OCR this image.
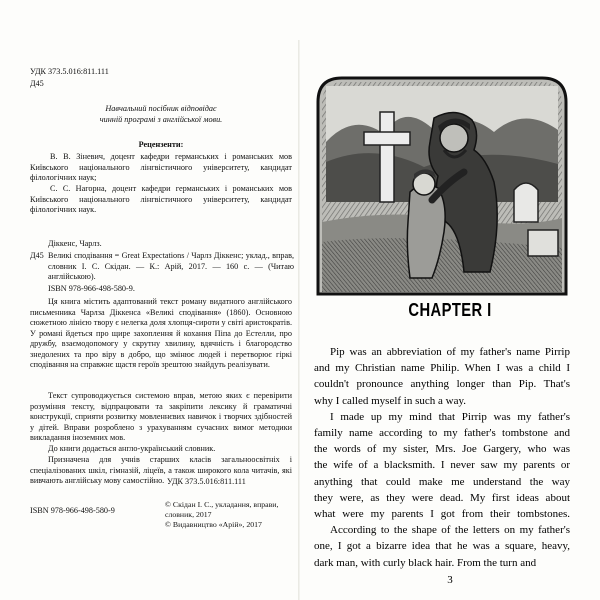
УДК 373.5.016:811.111
Д45
Навчальний посібник відповідає
чинній програмі з англійської мови.
Рецензенти:
В. В. Зіневич, доцент кафедри германських і романських мов Київського національного лінгвістичного університету, кандидат філологічних наук;
С. С. Нагорна, доцент кафедри германських і романських мов Київського національного лінгвістичного університету, кандидат філологічних наук.
Діккенс, Чарлз.
Д45 Великі сподівання = Great Expectations / Чарлз Діккенс; уклад., вправ, словник І. С. Скідан. — К.: Арій, 2017. — 160 с. — (Читаю англійською).
ISBN 978-966-498-580-9.
Ця книга містить адаптований текст роману видатного англійського письменника Чарлза Діккенса «Великі сподівання» (1860). Основною сюжетною лінією твору є нелегка доля хлопця-сироти у світі аристократів. У романі йдеться про щире захоплення й кохання Піпа до Естелли, про дружбу, взаємодопомогу у скрутну хвилину, вдячність і благородство знедолених та про віру в добро, що змінює людей і перетворює гіркі сподівання на справжнє щастя героїв зрештою знайдуть реалізувати.
Текст супроводжується системою вправ, метою яких є перевірити розуміння тексту, відпрацювати та закріпити лексику й граматичні конструкції, сприяти розвитку мовленнєвих навичок і творчих здібностей у дітей. Вправи розроблено з урахуванням сучасних вимог методики викладання іноземних мов.
До книги додається англо-український словник.
Призначена для учнів старших класів загальноосвітніх і спеціалізованих шкіл, гімназій, ліцеїв, а також широкого кола читачів, які вивчають англійську мову самостійно. УДК 373.5.016:811.111
ISBN 978-966-498-580-9
© Скідан І. С., укладання, вправи, словник, 2017
© Видавництво «Арій», 2017
CHAPTER I
3
Pip was an abbreviation of my father's name Pirrip
and my Christian name Philip. When I was a child I
couldn't pronounce anything longer than Pip. That's
why I called myself in such a way.
I made up my mind that Pirrip was my father's
family name according to my father's tombstone and
the words of my sister, Mrs. Joe Gargery, who was
the wife of a blacksmith. I never saw my parents or
anything that could make me understand the way
they were, as they were dead. My first ideas about
what were my parents I got from their tombstones.
According to the shape of the letters on my father's
one, I got a bizarre idea that he was a square, heavy,
dark man, with curly black hair. From the turn and
